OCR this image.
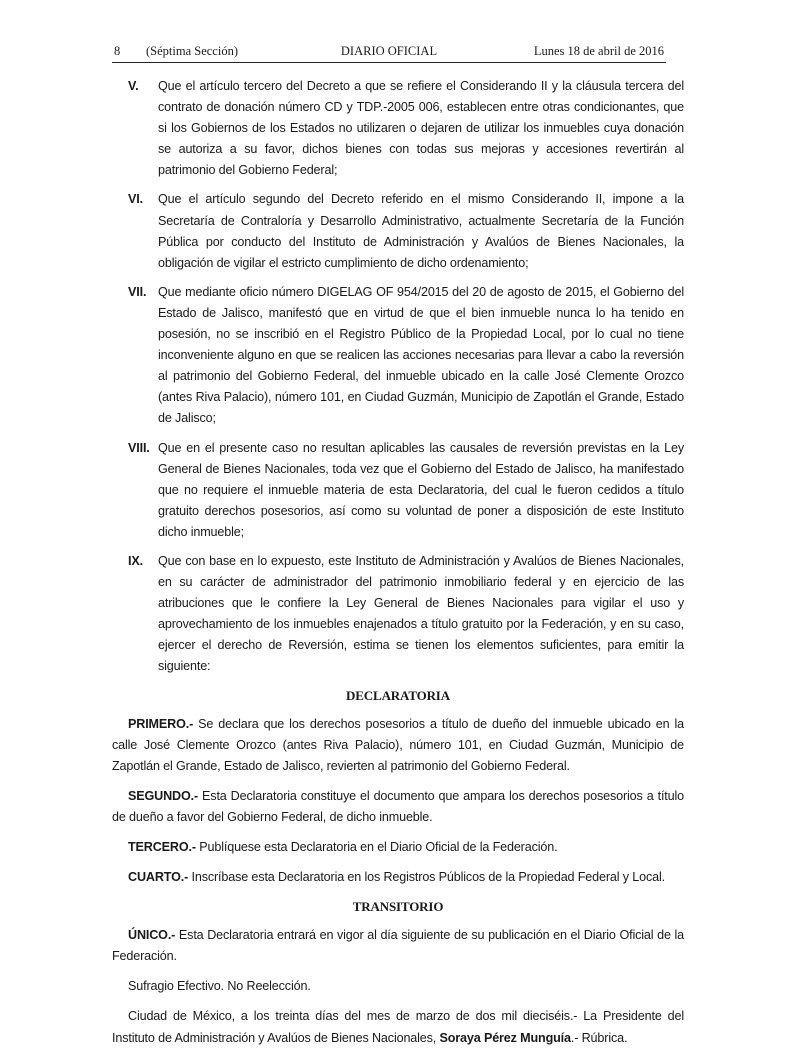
8 (Séptima Sección)	DIARIO OFICIAL	Lunes 18 de abril de 2016
V. Que el artículo tercero del Decreto a que se refiere el Considerando II y la cláusula tercera del contrato de donación número CD y TDP.-2005 006, establecen entre otras condicionantes, que si los Gobiernos de los Estados no utilizaren o dejaren de utilizar los inmuebles cuya donación se autoriza a su favor, dichos bienes con todas sus mejoras y accesiones revertirán al patrimonio del Gobierno Federal;
VI. Que el artículo segundo del Decreto referido en el mismo Considerando II, impone a la Secretaría de Contraloría y Desarrollo Administrativo, actualmente Secretaría de la Función Pública por conducto del Instituto de Administración y Avalúos de Bienes Nacionales, la obligación de vigilar el estricto cumplimiento de dicho ordenamiento;
VII. Que mediante oficio número DIGELAG OF 954/2015 del 20 de agosto de 2015, el Gobierno del Estado de Jalisco, manifestó que en virtud de que el bien inmueble nunca lo ha tenido en posesión, no se inscribió en el Registro Público de la Propiedad Local, por lo cual no tiene inconveniente alguno en que se realicen las acciones necesarias para llevar a cabo la reversión al patrimonio del Gobierno Federal, del inmueble ubicado en la calle José Clemente Orozco (antes Riva Palacio), número 101, en Ciudad Guzmán, Municipio de Zapotlán el Grande, Estado de Jalisco;
VIII. Que en el presente caso no resultan aplicables las causales de reversión previstas en la Ley General de Bienes Nacionales, toda vez que el Gobierno del Estado de Jalisco, ha manifestado que no requiere el inmueble materia de esta Declaratoria, del cual le fueron cedidos a título gratuito derechos posesorios, así como su voluntad de poner a disposición de este Instituto dicho inmueble;
IX. Que con base en lo expuesto, este Instituto de Administración y Avalúos de Bienes Nacionales, en su carácter de administrador del patrimonio inmobiliario federal y en ejercicio de las atribuciones que le confiere la Ley General de Bienes Nacionales para vigilar el uso y aprovechamiento de los inmuebles enajenados a título gratuito por la Federación, y en su caso, ejercer el derecho de Reversión, estima se tienen los elementos suficientes, para emitir la siguiente:
DECLARATORIA
PRIMERO.- Se declara que los derechos posesorios a título de dueño del inmueble ubicado en la calle José Clemente Orozco (antes Riva Palacio), número 101, en Ciudad Guzmán, Municipio de Zapotlán el Grande, Estado de Jalisco, revierten al patrimonio del Gobierno Federal.
SEGUNDO.- Esta Declaratoria constituye el documento que ampara los derechos posesorios a título de dueño a favor del Gobierno Federal, de dicho inmueble.
TERCERO.- Publíquese esta Declaratoria en el Diario Oficial de la Federación.
CUARTO.- Inscríbase esta Declaratoria en los Registros Públicos de la Propiedad Federal y Local.
TRANSITORIO
ÚNICO.- Esta Declaratoria entrará en vigor al día siguiente de su publicación en el Diario Oficial de la Federación.
Sufragio Efectivo. No Reelección.
Ciudad de México, a los treinta días del mes de marzo de dos mil dieciséis.- La Presidente del Instituto de Administración y Avalúos de Bienes Nacionales, Soraya Pérez Munguía.- Rúbrica.
